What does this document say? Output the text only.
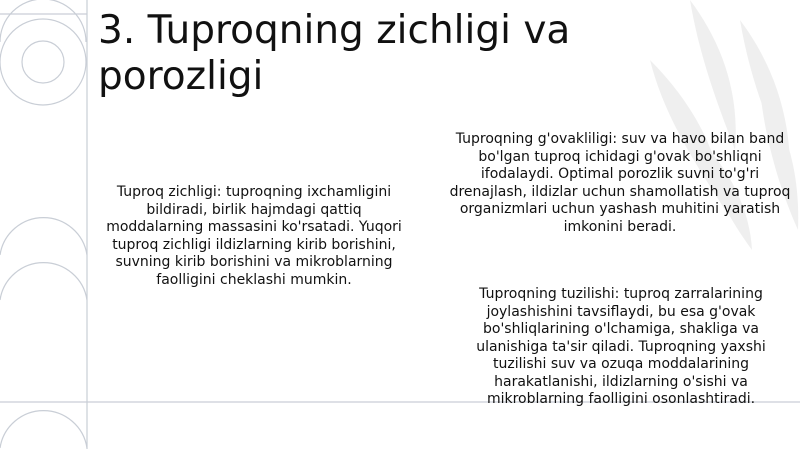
3. Tuproqning zichligi va porozligi

Tuproq zichligi: tuproqning ixchamligini bildiradi, birlik hajmdagi qattiq moddalarning massasini ko'rsatadi. Yuqori tuproq zichligi ildizlarning kirib borishini, suvning kirib borishini va mikroblarning faolligini cheklashi mumkin.

Tuproqning g'ovakliligi: suv va havo bilan band bo'lgan tuproq ichidagi g'ovak bo'shliqni ifodalaydi. Optimal porozlik suvni to'g'ri drenajlash, ildizlar uchun shamollatish va tuproq organizmlari uchun yashash muhitini yaratish imkonini beradi.

Tuproqning tuzilishi: tuproq zarralarining joylashishini tavsiflaydi, bu esa g'ovak bo'shliqlarining o'lchamiga, shakliga va ulanishiga ta'sir qiladi. Tuproqning yaxshi tuzilishi suv va ozuqa moddalarining harakatlanishi, ildizlarning o'sishi va mikroblarning faolligini osonlashtiradi.
